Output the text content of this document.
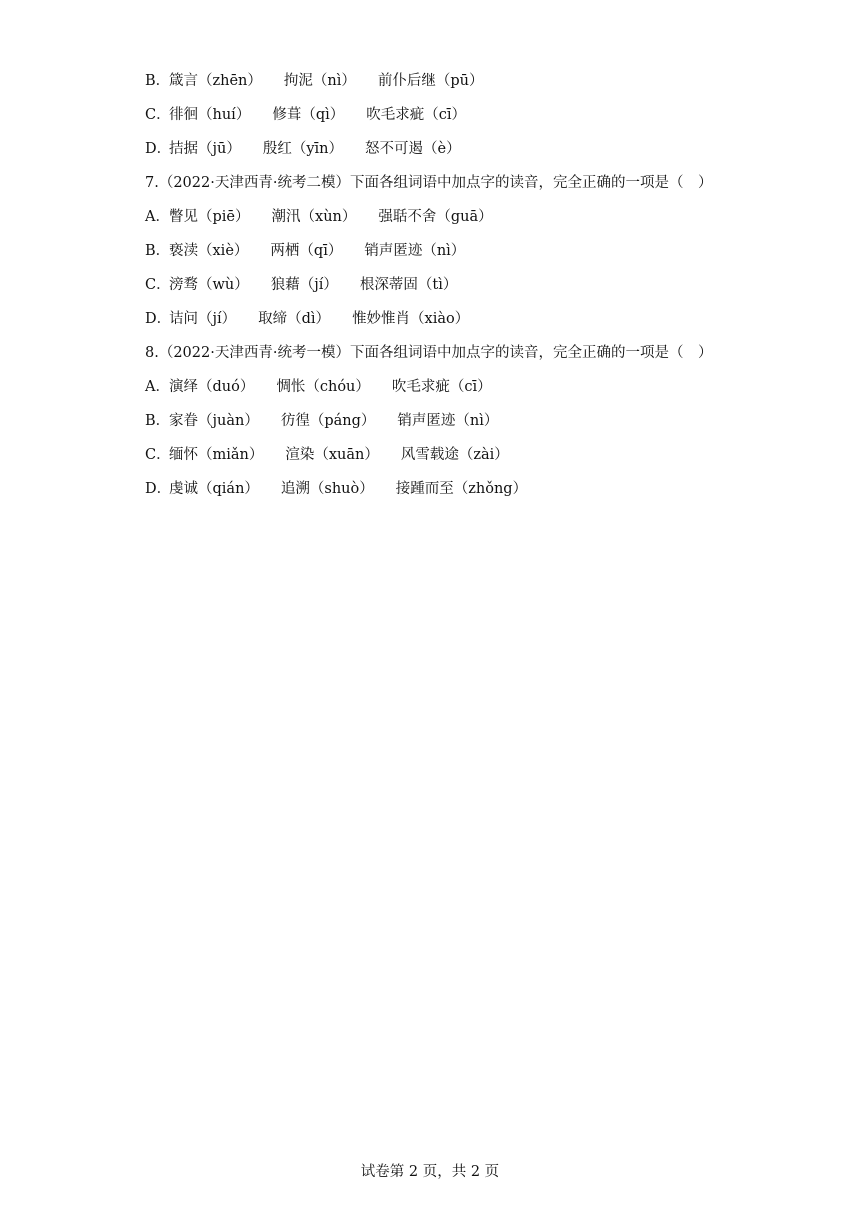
B．
箴言（zhēn） 拘泥（nì） 前仆后继（pū）
C．
徘徊（huí） 修葺（qì） 吹毛求疵（cī）
D．
拮据（jū） 殷红（yīn） 怒不可遏（è）
7.（2022·天津西青·统考二模）下面各组词语中加点字的读音，完全正确的一项是（　）
A． 瞥见（piē） 潮汛（xùn） 强聒不舍（guā）
B．
亵渎（xiè） 两栖（qī） 销声匿迹（nì）
C．
滂骛（wù） 狼藉（jí） 根深蒂固（tì）
D．
诘问（jí） 取缔（dì） 惟妙惟肖（xiào）
8.（2022·天津西青·统考一模）下面各组词语中加点字的读音，完全正确的一项是（　）
A． 演绎（duó） 惆怅（chóu） 吹毛求疵（cī）
B．
家眷（juàn） 彷徨（páng） 销声匿迹（nì）
C．
缅怀（miǎn） 渲染（xuān） 风雪载途（zài）
D．
虔诚（qián） 追溯（shuò） 接踵而至（zhǒng）
试卷第 2 页，共 2 页
